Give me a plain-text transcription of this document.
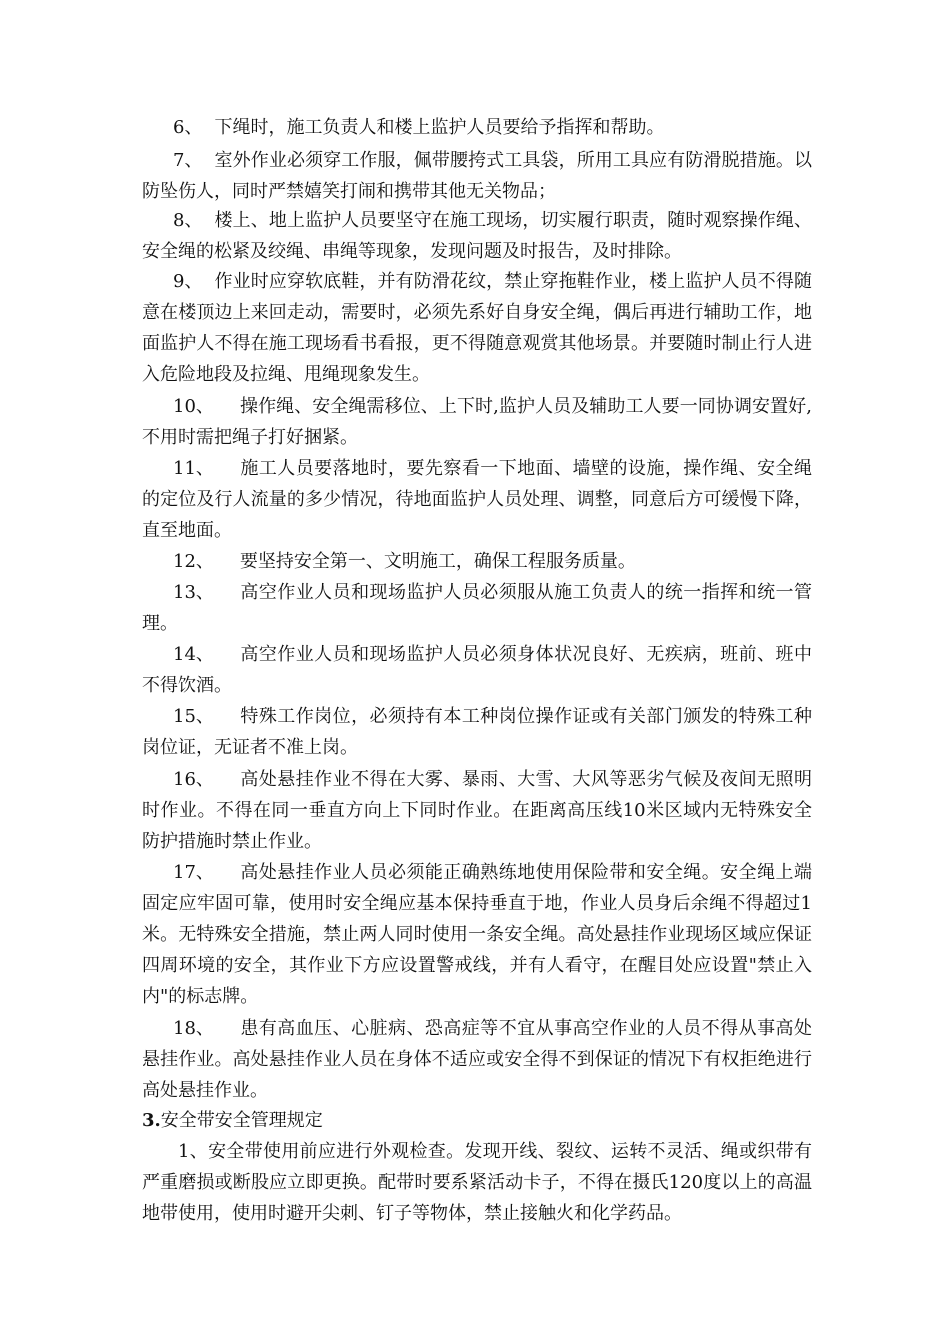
6、 下绳时，施工负责人和楼上监护人员要给予指挥和帮助。

7、 室外作业必须穿工作服，佩带腰挎式工具袋，所用工具应有防滑脱措施。以防坠伤人，同时严禁嬉笑打闹和携带其他无关物品；

8、 楼上、地上监护人员要坚守在施工现场，切实履行职责，随时观察操作绳、安全绳的松紧及绞绳、串绳等现象，发现问题及时报告，及时排除。

9、 作业时应穿软底鞋，并有防滑花纹，禁止穿拖鞋作业，楼上监护人员不得随意在楼顶边上来回走动，需要时，必须先系好自身安全绳，偶后再进行辅助工作，地面监护人不得在施工现场看书看报，更不得随意观赏其他场景。并要随时制止行人进入危险地段及拉绳、甩绳现象发生。

10、 操作绳、安全绳需移位、上下时,监护人员及辅助工人要一同协调安置好,不用时需把绳子打好捆紧。

11、 施工人员要落地时，要先察看一下地面、墙壁的设施，操作绳、安全绳的定位及行人流量的多少情况，待地面监护人员处理、调整，同意后方可缓慢下降，直至地面。

12、 要坚持安全第一、文明施工，确保工程服务质量。

13、 高空作业人员和现场监护人员必须服从施工负责人的统一指挥和统一管理。

14、 高空作业人员和现场监护人员必须身体状况良好、无疾病，班前、班中不得饮酒。

15、 特殊工作岗位，必须持有本工种岗位操作证或有关部门颁发的特殊工种岗位证，无证者不准上岗。

16、 高处悬挂作业不得在大雾、暴雨、大雪、大风等恶劣气候及夜间无照明时作业。不得在同一垂直方向上下同时作业。在距离高压线10米区域内无特殊安全防护措施时禁止作业。

17、 高处悬挂作业人员必须能正确熟练地使用保险带和安全绳。安全绳上端固定应牢固可靠，使用时安全绳应基本保持垂直于地，作业人员身后余绳不得超过1米。无特殊安全措施，禁止两人同时使用一条安全绳。高处悬挂作业现场区域应保证四周环境的安全，其作业下方应设置警戒线，并有人看守，在醒目处应设置"禁止入内"的标志牌。

18、 患有高血压、心脏病、恐高症等不宜从事高空作业的人员不得从事高处悬挂作业。高处悬挂作业人员在身体不适应或安全得不到保证的情况下有权拒绝进行高处悬挂作业。

3.安全带安全管理规定

1、安全带使用前应进行外观检查。发现开线、裂纹、运转不灵活、绳或织带有严重磨损或断股应立即更换。配带时要系紧活动卡子，不得在摄氏120度以上的高温地带使用，使用时避开尖刺、钉子等物体，禁止接触火和化学药品。
